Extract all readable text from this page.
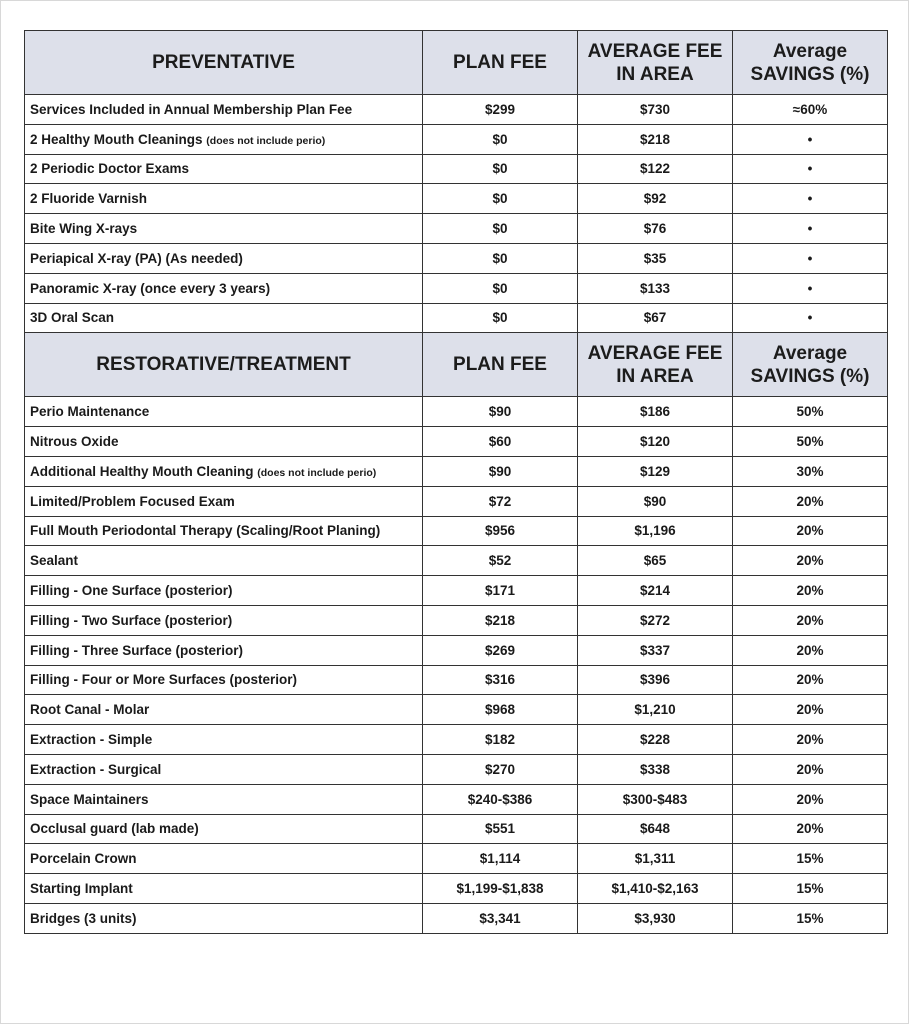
PREVENTATIVE	PLAN FEE	AVERAGE FEE IN AREA	Average SAVINGS (%)
Services Included in Annual Membership Plan Fee	$299	$730	≈60%
2 Healthy Mouth Cleanings (does not include perio)	$0	$218	•
2 Periodic Doctor Exams	$0	$122	•
2 Fluoride Varnish	$0	$92	•
Bite Wing X-rays	$0	$76	•
Periapical X-ray (PA) (As needed)	$0	$35	•
Panoramic X-ray (once every 3 years)	$0	$133	•
3D Oral Scan	$0	$67	•
RESTORATIVE/TREATMENT	PLAN FEE	AVERAGE FEE IN AREA	Average SAVINGS (%)
Perio Maintenance	$90	$186	50%
Nitrous Oxide	$60	$120	50%
Additional Healthy Mouth Cleaning (does not include perio)	$90	$129	30%
Limited/Problem Focused Exam	$72	$90	20%
Full Mouth Periodontal Therapy (Scaling/Root Planing)	$956	$1,196	20%
Sealant	$52	$65	20%
Filling - One Surface (posterior)	$171	$214	20%
Filling - Two Surface (posterior)	$218	$272	20%
Filling - Three Surface (posterior)	$269	$337	20%
Filling - Four or More Surfaces (posterior)	$316	$396	20%
Root Canal - Molar	$968	$1,210	20%
Extraction - Simple	$182	$228	20%
Extraction - Surgical	$270	$338	20%
Space Maintainers	$240-$386	$300-$483	20%
Occlusal guard (lab made)	$551	$648	20%
Porcelain Crown	$1,114	$1,311	15%
Starting Implant	$1,199-$1,838	$1,410-$2,163	15%
Bridges (3 units)	$3,341	$3,930	15%
